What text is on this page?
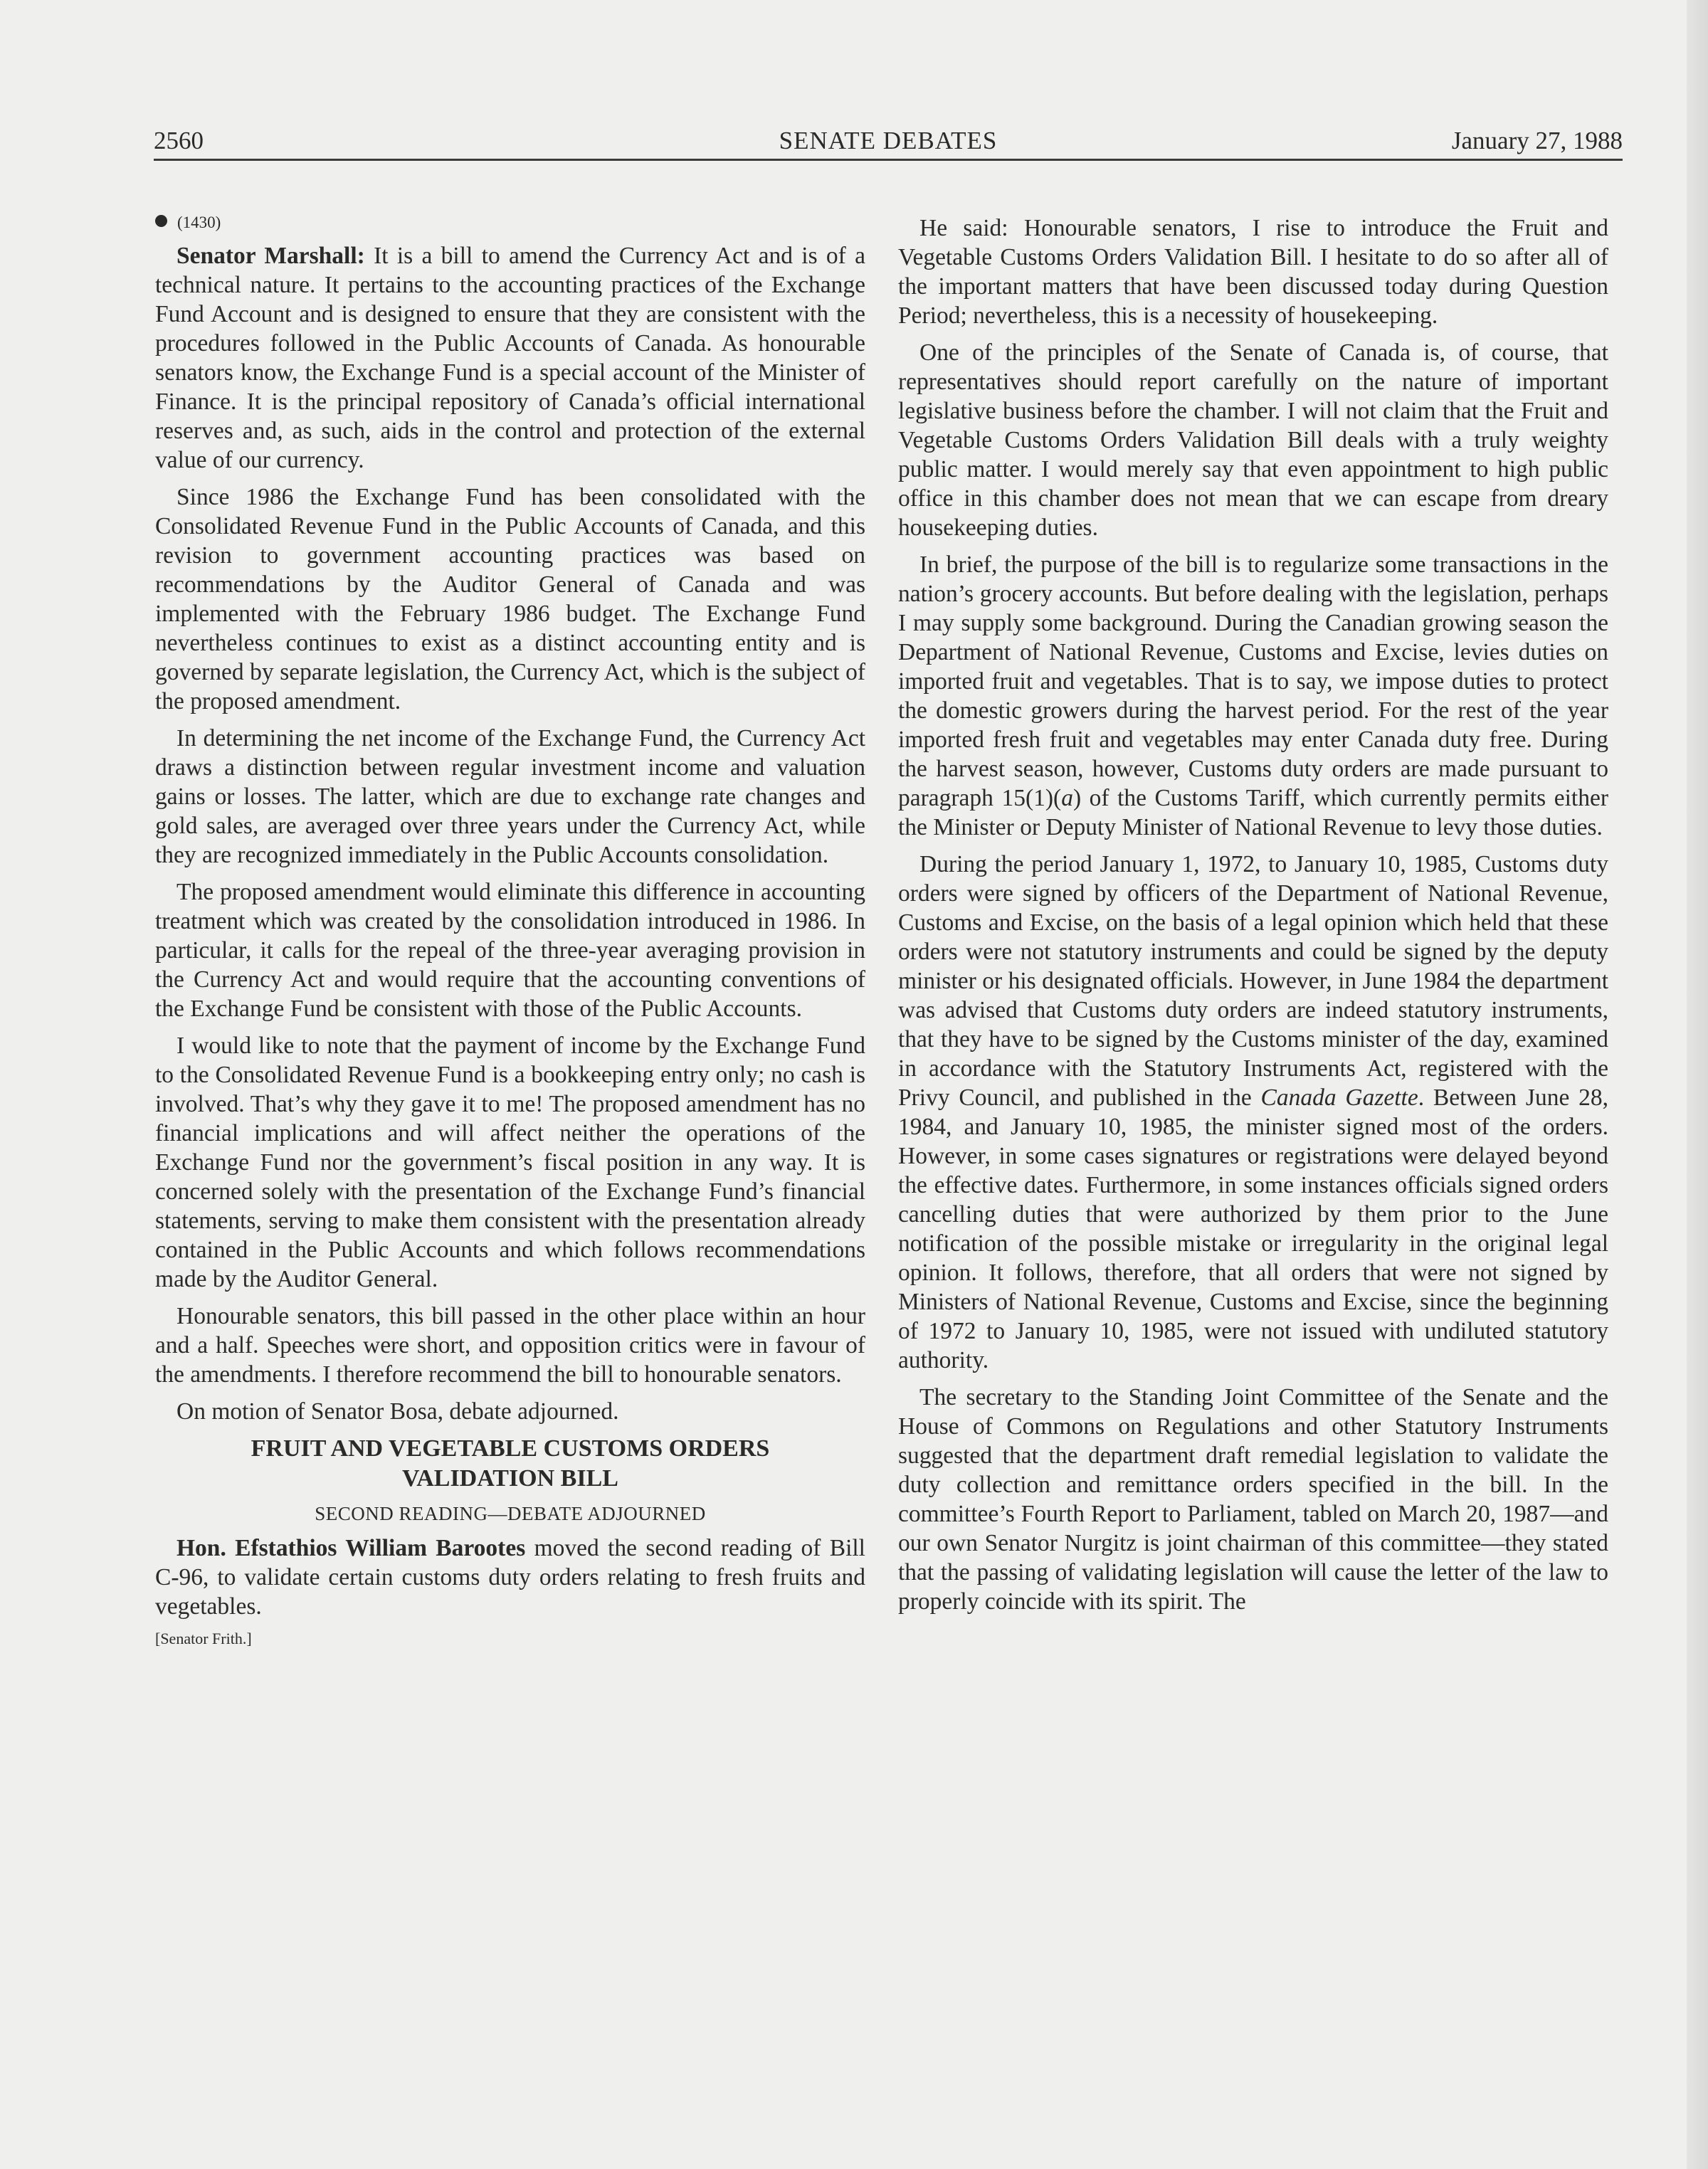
2560	SENATE DEBATES	January 27, 1988

(1430)

Senator Marshall: It is a bill to amend the Currency Act and is of a technical nature. It pertains to the accounting practices of the Exchange Fund Account and is designed to ensure that they are consistent with the procedures followed in the Public Accounts of Canada. As honourable senators know, the Exchange Fund is a special account of the Minister of Finance. It is the principal repository of Canada’s official international reserves and, as such, aids in the control and protection of the external value of our currency.

Since 1986 the Exchange Fund has been consolidated with the Consolidated Revenue Fund in the Public Accounts of Canada, and this revision to government accounting practices was based on recommendations by the Auditor General of Canada and was implemented with the February 1986 budget. The Exchange Fund nevertheless continues to exist as a distinct accounting entity and is governed by separate legislation, the Currency Act, which is the subject of the proposed amendment.

In determining the net income of the Exchange Fund, the Currency Act draws a distinction between regular investment income and valuation gains or losses. The latter, which are due to exchange rate changes and gold sales, are averaged over three years under the Currency Act, while they are recognized immediately in the Public Accounts consolidation.

The proposed amendment would eliminate this difference in accounting treatment which was created by the consolidation introduced in 1986. In particular, it calls for the repeal of the three-year averaging provision in the Currency Act and would require that the accounting conventions of the Exchange Fund be consistent with those of the Public Accounts.

I would like to note that the payment of income by the Exchange Fund to the Consolidated Revenue Fund is a bookkeeping entry only; no cash is involved. That’s why they gave it to me! The proposed amendment has no financial implications and will affect neither the operations of the Exchange Fund nor the government’s fiscal position in any way. It is concerned solely with the presentation of the Exchange Fund’s financial statements, serving to make them consistent with the presentation already contained in the Public Accounts and which follows recommendations made by the Auditor General.

Honourable senators, this bill passed in the other place within an hour and a half. Speeches were short, and opposition critics were in favour of the amendments. I therefore recommend the bill to honourable senators.

On motion of Senator Bosa, debate adjourned.

FRUIT AND VEGETABLE CUSTOMS ORDERS
VALIDATION BILL

SECOND READING—DEBATE ADJOURNED

Hon. Efstathios William Barootes moved the second reading of Bill C-96, to validate certain customs duty orders relating to fresh fruits and vegetables.

[Senator Frith.]

He said: Honourable senators, I rise to introduce the Fruit and Vegetable Customs Orders Validation Bill. I hesitate to do so after all of the important matters that have been discussed today during Question Period; nevertheless, this is a necessity of housekeeping.

One of the principles of the Senate of Canada is, of course, that representatives should report carefully on the nature of important legislative business before the chamber. I will not claim that the Fruit and Vegetable Customs Orders Validation Bill deals with a truly weighty public matter. I would merely say that even appointment to high public office in this chamber does not mean that we can escape from dreary housekeeping duties.

In brief, the purpose of the bill is to regularize some transactions in the nation’s grocery accounts. But before dealing with the legislation, perhaps I may supply some background. During the Canadian growing season the Department of National Revenue, Customs and Excise, levies duties on imported fruit and vegetables. That is to say, we impose duties to protect the domestic growers during the harvest period. For the rest of the year imported fresh fruit and vegetables may enter Canada duty free. During the harvest season, however, Customs duty orders are made pursuant to paragraph 15(1)(a) of the Customs Tariff, which currently permits either the Minister or Deputy Minister of National Revenue to levy those duties.

During the period January 1, 1972, to January 10, 1985, Customs duty orders were signed by officers of the Department of National Revenue, Customs and Excise, on the basis of a legal opinion which held that these orders were not statutory instruments and could be signed by the deputy minister or his designated officials. However, in June 1984 the department was advised that Customs duty orders are indeed statutory instruments, that they have to be signed by the Customs minister of the day, examined in accordance with the Statutory Instruments Act, registered with the Privy Council, and published in the Canada Gazette. Between June 28, 1984, and January 10, 1985, the minister signed most of the orders. However, in some cases signatures or registrations were delayed beyond the effective dates. Furthermore, in some instances officials signed orders cancelling duties that were authorized by them prior to the June notification of the possible mistake or irregularity in the original legal opinion. It follows, therefore, that all orders that were not signed by Ministers of National Revenue, Customs and Excise, since the beginning of 1972 to January 10, 1985, were not issued with undiluted statutory authority.

The secretary to the Standing Joint Committee of the Senate and the House of Commons on Regulations and other Statutory Instruments suggested that the department draft remedial legislation to validate the duty collection and remittance orders specified in the bill. In the committee’s Fourth Report to Parliament, tabled on March 20, 1987—and our own Senator Nurgitz is joint chairman of this committee—they stated that the passing of validating legislation will cause the letter of the law to properly coincide with its spirit. The
